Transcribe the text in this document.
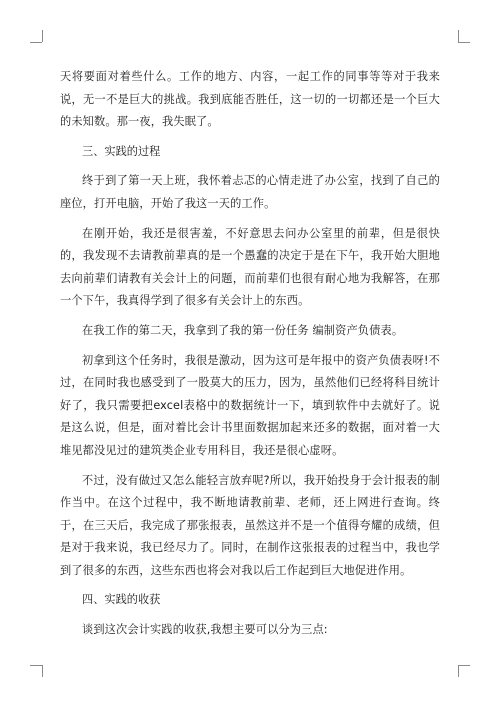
天将要面对着些什么。工作的地方、内容，一起工作的同事等等对于我来说，无一不是巨大的挑战。我到底能否胜任，这一切的一切都还是一个巨大的未知数。那一夜，我失眠了。

三、实践的过程

终于到了第一天上班，我怀着忐忑的心情走进了办公室，找到了自己的座位，打开电脑，开始了我这一天的工作。

在刚开始，我还是很害羞，不好意思去问办公室里的前辈，但是很快的，我发现不去请教前辈真的是一个愚蠢的决定于是在下午，我开始大胆地去向前辈们请教有关会计上的问题，而前辈们也很有耐心地为我解答，在那一个下午，我真得学到了很多有关会计上的东西。

在我工作的第二天，我拿到了我的第一份任务 编制资产负债表。

初拿到这个任务时，我很是激动，因为这可是年报中的资产负债表呀!不过，在同时我也感受到了一股莫大的压力，因为，虽然他们已经将科目统计好了，我只需要把excel表格中的数据统计一下，填到软件中去就好了。说是这么说，但是，面对着比会计书里面数据加起来还多的数据，面对着一大堆见都没见过的建筑类企业专用科目，我还是很心虚呀。

不过，没有做过又怎么能轻言放弃呢?所以，我开始投身于会计报表的制作当中。在这个过程中，我不断地请教前辈、老师，还上网进行查询。终于，在三天后，我完成了那张报表，虽然这并不是一个值得夸耀的成绩，但是对于我来说，我已经尽力了。同时，在制作这张报表的过程当中，我也学到了很多的东西，这些东西也将会对我以后工作起到巨大地促进作用。

四、实践的收获

谈到这次会计实践的收获,我想主要可以分为三点:
